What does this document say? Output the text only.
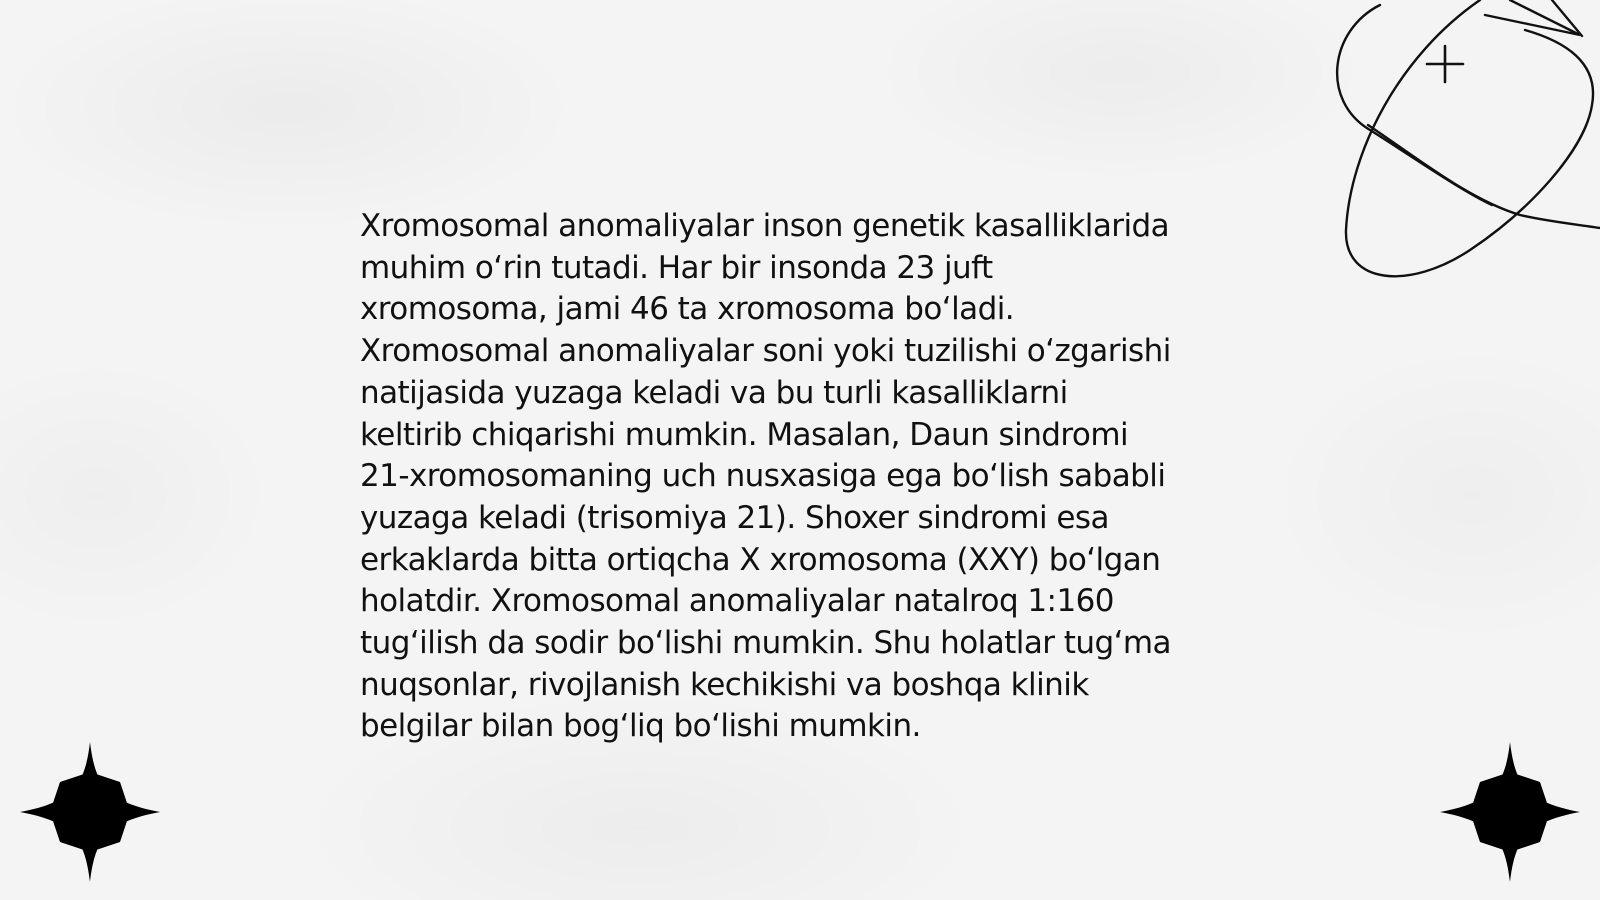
Xromosomal anomaliyalar inson genetik kasalliklarida
muhim o‘rin tutadi. Har bir insonda 23 juft
xromosoma, jami 46 ta xromosoma bo‘ladi.
Xromosomal anomaliyalar soni yoki tuzilishi o‘zgarishi
natijasida yuzaga keladi va bu turli kasalliklarni
keltirib chiqarishi mumkin. Masalan, Daun sindromi
21-xromosomaning uch nusxasiga ega bo‘lish sababli
yuzaga keladi (trisomiya 21). Shoxer sindromi esa
erkaklarda bitta ortiqcha X xromosoma (XXY) bo‘lgan
holatdir. Xromosomal anomaliyalar natalroq 1:160
tug‘ilish da sodir bo‘lishi mumkin. Shu holatlar tug‘ma
nuqsonlar, rivojlanish kechikishi va boshqa klinik
belgilar bilan bog‘liq bo‘lishi mumkin.
